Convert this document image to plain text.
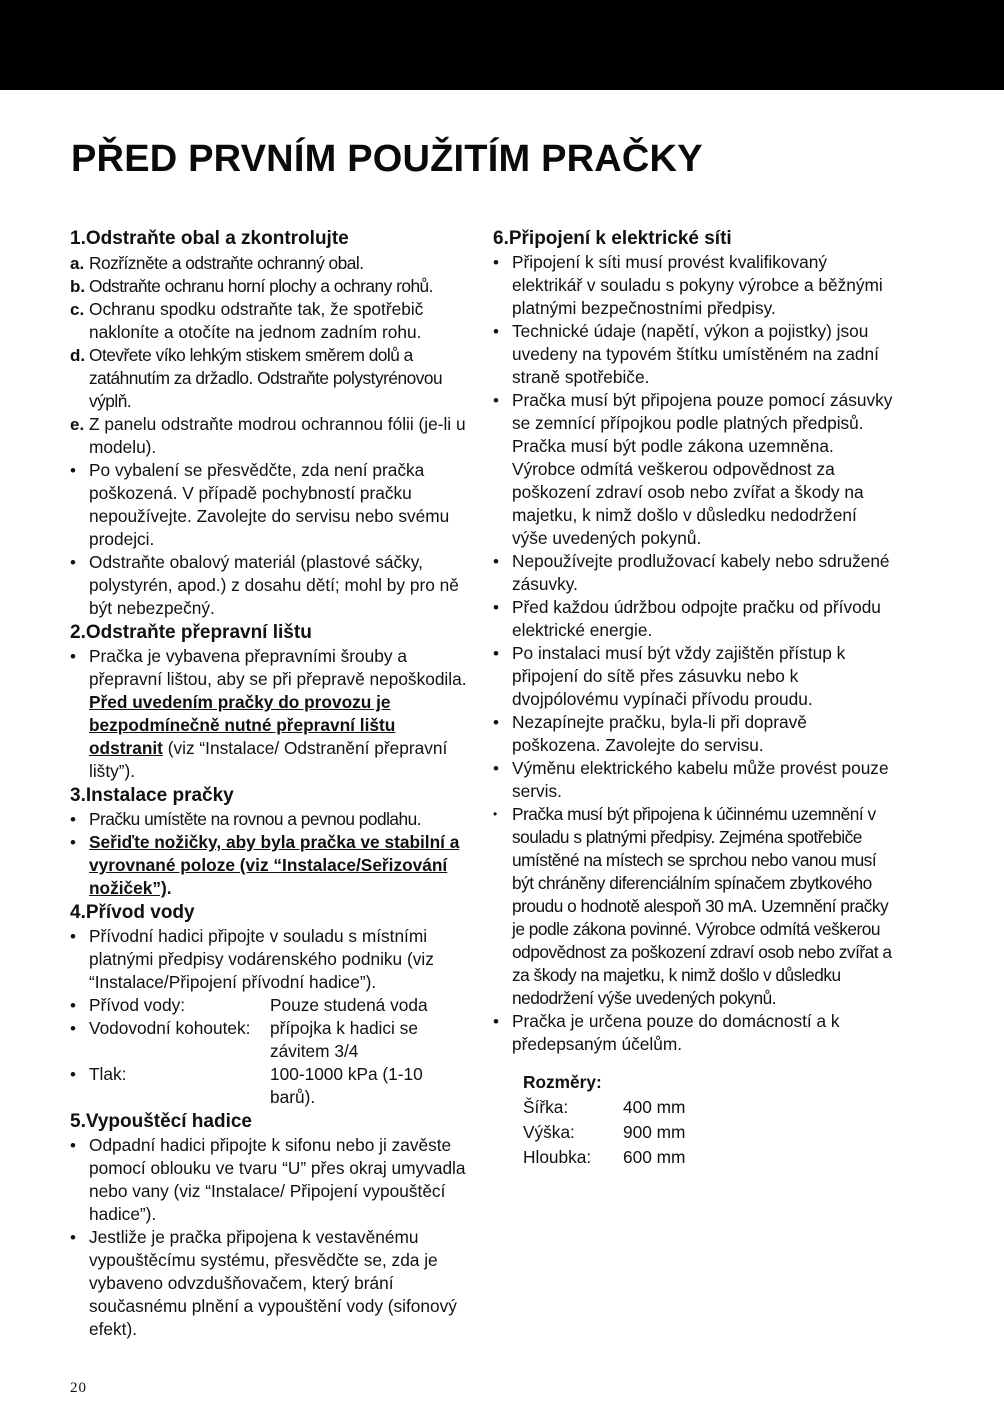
PŘED PRVNÍM POUŽITÍM PRAČKY
1. Odstraňte obal a zkontrolujte
a. Rozřízněte a odstraňte ochranný obal.
b. Odstraňte ochranu horní plochy a ochrany rohů.
c. Ochranu spodku odstraňte tak, že spotřebič nakloníte a otočíte na jednom zadním rohu.
d. Otevřete víko lehkým stiskem směrem dolů a zatáhnutím za držadlo. Odstraňte polystyrénovou výplň.
e. Z panelu odstraňte modrou ochrannou fólii (je-li u modelu).
• Po vybalení se přesvědčte, zda není pračka poškozená. V případě pochybností pračku nepoužívejte. Zavolejte do servisu nebo svému prodejci.
• Odstraňte obalový materiál (plastové sáčky, polystyrén, apod.) z dosahu dětí; mohl by pro ně být nebezpečný.
2. Odstraňte přepravní lištu
• Pračka je vybavena přepravními šrouby a přepravní lištou, aby se při přepravě nepoškodila. Před uvedením pračky do provozu je bezpodmínečně nutné přepravní lištu odstranit (viz “Instalace/ Odstranění přepravní lišty”).
3. Instalace pračky
• Pračku umístěte na rovnou a pevnou podlahu.
• Seřiďte nožičky, aby byla pračka ve stabilní a vyrovnané poloze (viz “Instalace/Seřizování nožiček”).
4. Přívod vody
• Přívodní hadici připojte v souladu s místními platnými předpisy vodárenského podniku (viz “Instalace/Připojení přívodní hadice”).
• Přívod vody:	Pouze studená voda
• Vodovodní kohoutek:	přípojka k hadici se závitem 3/4
• Tlak:	100-1000 kPa (1-10 barů).
5. Vypouštěcí hadice
• Odpadní hadici připojte k sifonu nebo ji zavěste pomocí oblouku ve tvaru “U” přes okraj umyvadla nebo vany (viz “Instalace/ Připojení vypouštěcí hadice”).
• Jestliže je pračka připojena k vestavěnému vypouštěcímu systému, přesvědčte se, zda je vybaveno odvzdušňovačem, který brání současnému plnění a vypouštění vody (sifonový efekt).
6. Připojení k elektrické síti
• Připojení k síti musí provést kvalifikovaný elektrikář v souladu s pokyny výrobce a běžnými platnými bezpečnostními předpisy.
• Technické údaje (napětí, výkon a pojistky) jsou uvedeny na typovém štítku umístěném na zadní straně spotřebiče.
• Pračka musí být připojena pouze pomocí zásuvky se zemnící přípojkou podle platných předpisů. Pračka musí být podle zákona uzemněna. Výrobce odmítá veškerou odpovědnost za poškození zdraví osob nebo zvířat a škody na majetku, k nimž došlo v důsledku nedodržení výše uvedených pokynů.
• Nepoužívejte prodlužovací kabely nebo sdružené zásuvky.
• Před každou údržbou odpojte pračku od přívodu elektrické energie.
• Po instalaci musí být vždy zajištěn přístup k připojení do sítě přes zásuvku nebo k dvojpólovému vypínači přívodu proudu.
• Nezapínejte pračku, byla-li při dopravě poškozena. Zavolejte do servisu.
• Výměnu elektrického kabelu může provést pouze servis.
• Pračka musí být připojena k účinnému uzemnění v souladu s platnými předpisy. Zejména spotřebiče umístěné na místech se sprchou nebo vanou musí být chráněny diferenciálním spínačem zbytkového proudu o hodnotě alespoň 30 mA. Uzemnění pračky je podle zákona povinné. Výrobce odmítá veškerou odpovědnost za poškození zdraví osob nebo zvířat a za škody na majetku, k nimž došlo v důsledku nedodržení výše uvedených pokynů.
• Pračka je určena pouze do domácností a k předepsaným účelům.
Rozměry:
Šířka:	400 mm
Výška:	900 mm
Hloubka:	600 mm
20
